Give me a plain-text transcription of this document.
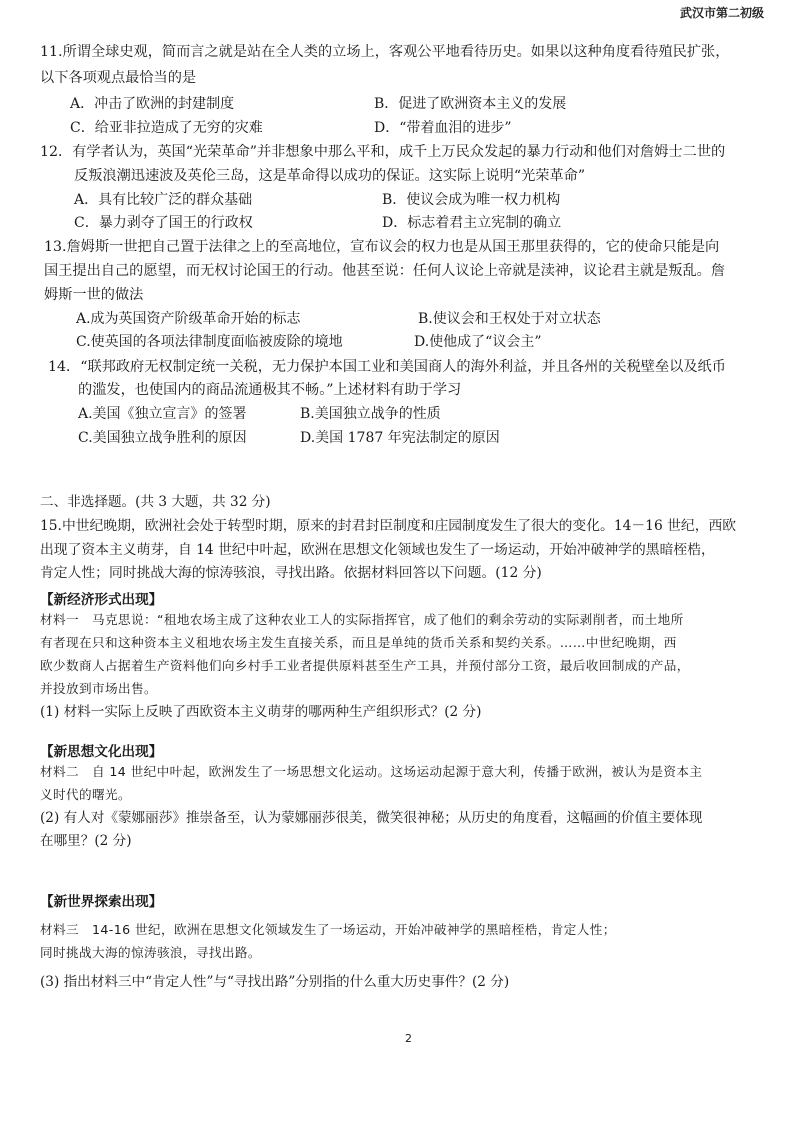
武汉市第二初级
11.所谓全球史观，简而言之就是站在全人类的立场上，客观公平地看待历史。如果以这种角度看待殖民扩张，
以下各项观点最恰当的是
A．冲击了欧洲的封建制度	B．促进了欧洲资本主义的发展
C．给亚非拉造成了无穷的灾难	D．“带着血泪的进步”
12．有学者认为，英国“光荣革命”并非想象中那么平和，成千上万民众发起的暴力行动和他们对詹姆士二世的
反叛浪潮迅速波及英伦三岛，这是革命得以成功的保证。这实际上说明“光荣革命”
A．具有比较广泛的群众基础	B．使议会成为唯一权力机构
C．暴力剥夺了国王的行政权	D．标志着君主立宪制的确立
13.詹姆斯一世把自己置于法律之上的至高地位，宣布议会的权力也是从国王那里获得的，它的使命只能是向
国王提出自己的愿望，而无权讨论国王的行动。他甚至说：任何人议论上帝就是渎神，议论君主就是叛乱。詹
姆斯一世的做法
A.成为英国资产阶级革命开始的标志	B.使议会和王权处于对立状态
C.使英国的各项法律制度面临被废除的境地	D.使他成了“议会主”
14．“联邦政府无权制定统一关税，无力保护本国工业和美国商人的海外利益，并且各州的关税壁垒以及纸币
的滥发，也使国内的商品流通极其不畅。”上述材料有助于学习
A.美国《独立宣言》的签署	B.美国独立战争的性质
C.美国独立战争胜利的原因	D.美国 1787 年宪法制定的原因
二、非选择题。(共 3 大题，共 32 分)
15.中世纪晚期，欧洲社会处于转型时期，原来的封君封臣制度和庄园制度发生了很大的变化。14－16 世纪，西欧
出现了资本主义萌芽，自 14 世纪中叶起，欧洲在思想文化领域也发生了一场运动，开始冲破神学的黑暗桎梏，
肯定人性；同时挑战大海的惊涛骇浪，寻找出路。依据材料回答以下问题。(12 分)
【新经济形式出现】
材料一　马克思说：“租地农场主成了这种农业工人的实际指挥官，成了他们的剩余劳动的实际剥削者，而土地所
有者现在只和这种资本主义租地农场主发生直接关系，而且是单纯的货币关系和契约关系。……中世纪晚期，西
欧少数商人占据着生产资料他们向乡村手工业者提供原料甚至生产工具，并预付部分工资，最后收回制成的产品，
并投放到市场出售。
(1) 材料一实际上反映了西欧资本主义萌芽的哪两种生产组织形式？(2 分)
【新思想文化出现】
材料二　自 14 世纪中叶起，欧洲发生了一场思想文化运动。这场运动起源于意大利，传播于欧洲，被认为是资本主
义时代的曙光。
(2) 有人对《蒙娜丽莎》推崇备至，认为蒙娜丽莎很美，微笑很神秘；从历史的角度看，这幅画的价值主要体现
在哪里？(2 分)
【新世界探索出现】
材料三　14-16 世纪，欧洲在思想文化领域发生了一场运动，开始冲破神学的黑暗桎梏，肯定人性；
同时挑战大海的惊涛骇浪，寻找出路。
(3) 指出材料三中“肯定人性”与“寻找出路”分别指的什么重大历史事件？(2 分)
2
